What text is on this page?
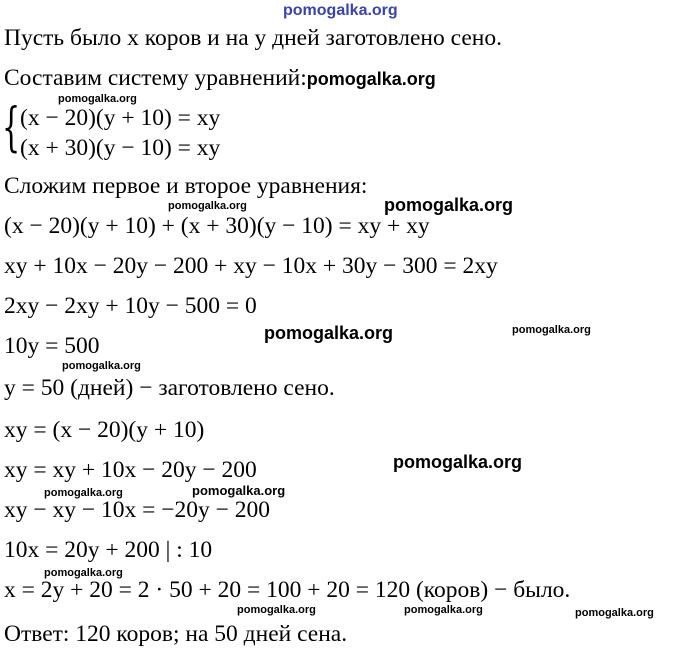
pomogalka.org
Пусть было x коров и на y дней заготовлено сено.
Составим систему уравнений:pomogalka.org
pomogalka.org
{ (x − 20)(y + 10) = xy
(x + 30)(y − 10) = xy
Сложим первое и второе уравнения:
pomogalka.org	pomogalka.org
(x − 20)(y + 10) + (x + 30)(y − 10) = xy + xy
xy + 10x − 20y − 200 + xy − 10x + 30y − 300 = 2xy
2xy − 2xy + 10y − 500 = 0
pomogalka.org	pomogalka.org
10y = 500
pomogalka.org
y = 50 (дней) − заготовлено сено.
xy = (x − 20)(y + 10)
pomogalka.org
xy = xy + 10x − 20y − 200
pomogalka.org	pomogalka.org
xy − xy − 10x = −20y − 200
10x = 20y + 200 | : 10
pomogalka.org
x = 2y + 20 = 2 · 50 + 20 = 100 + 20 = 120 (коров) − было.
pomogalka.org	pomogalka.org	pomogalka.org
Ответ: 120 коров; на 50 дней сена.
